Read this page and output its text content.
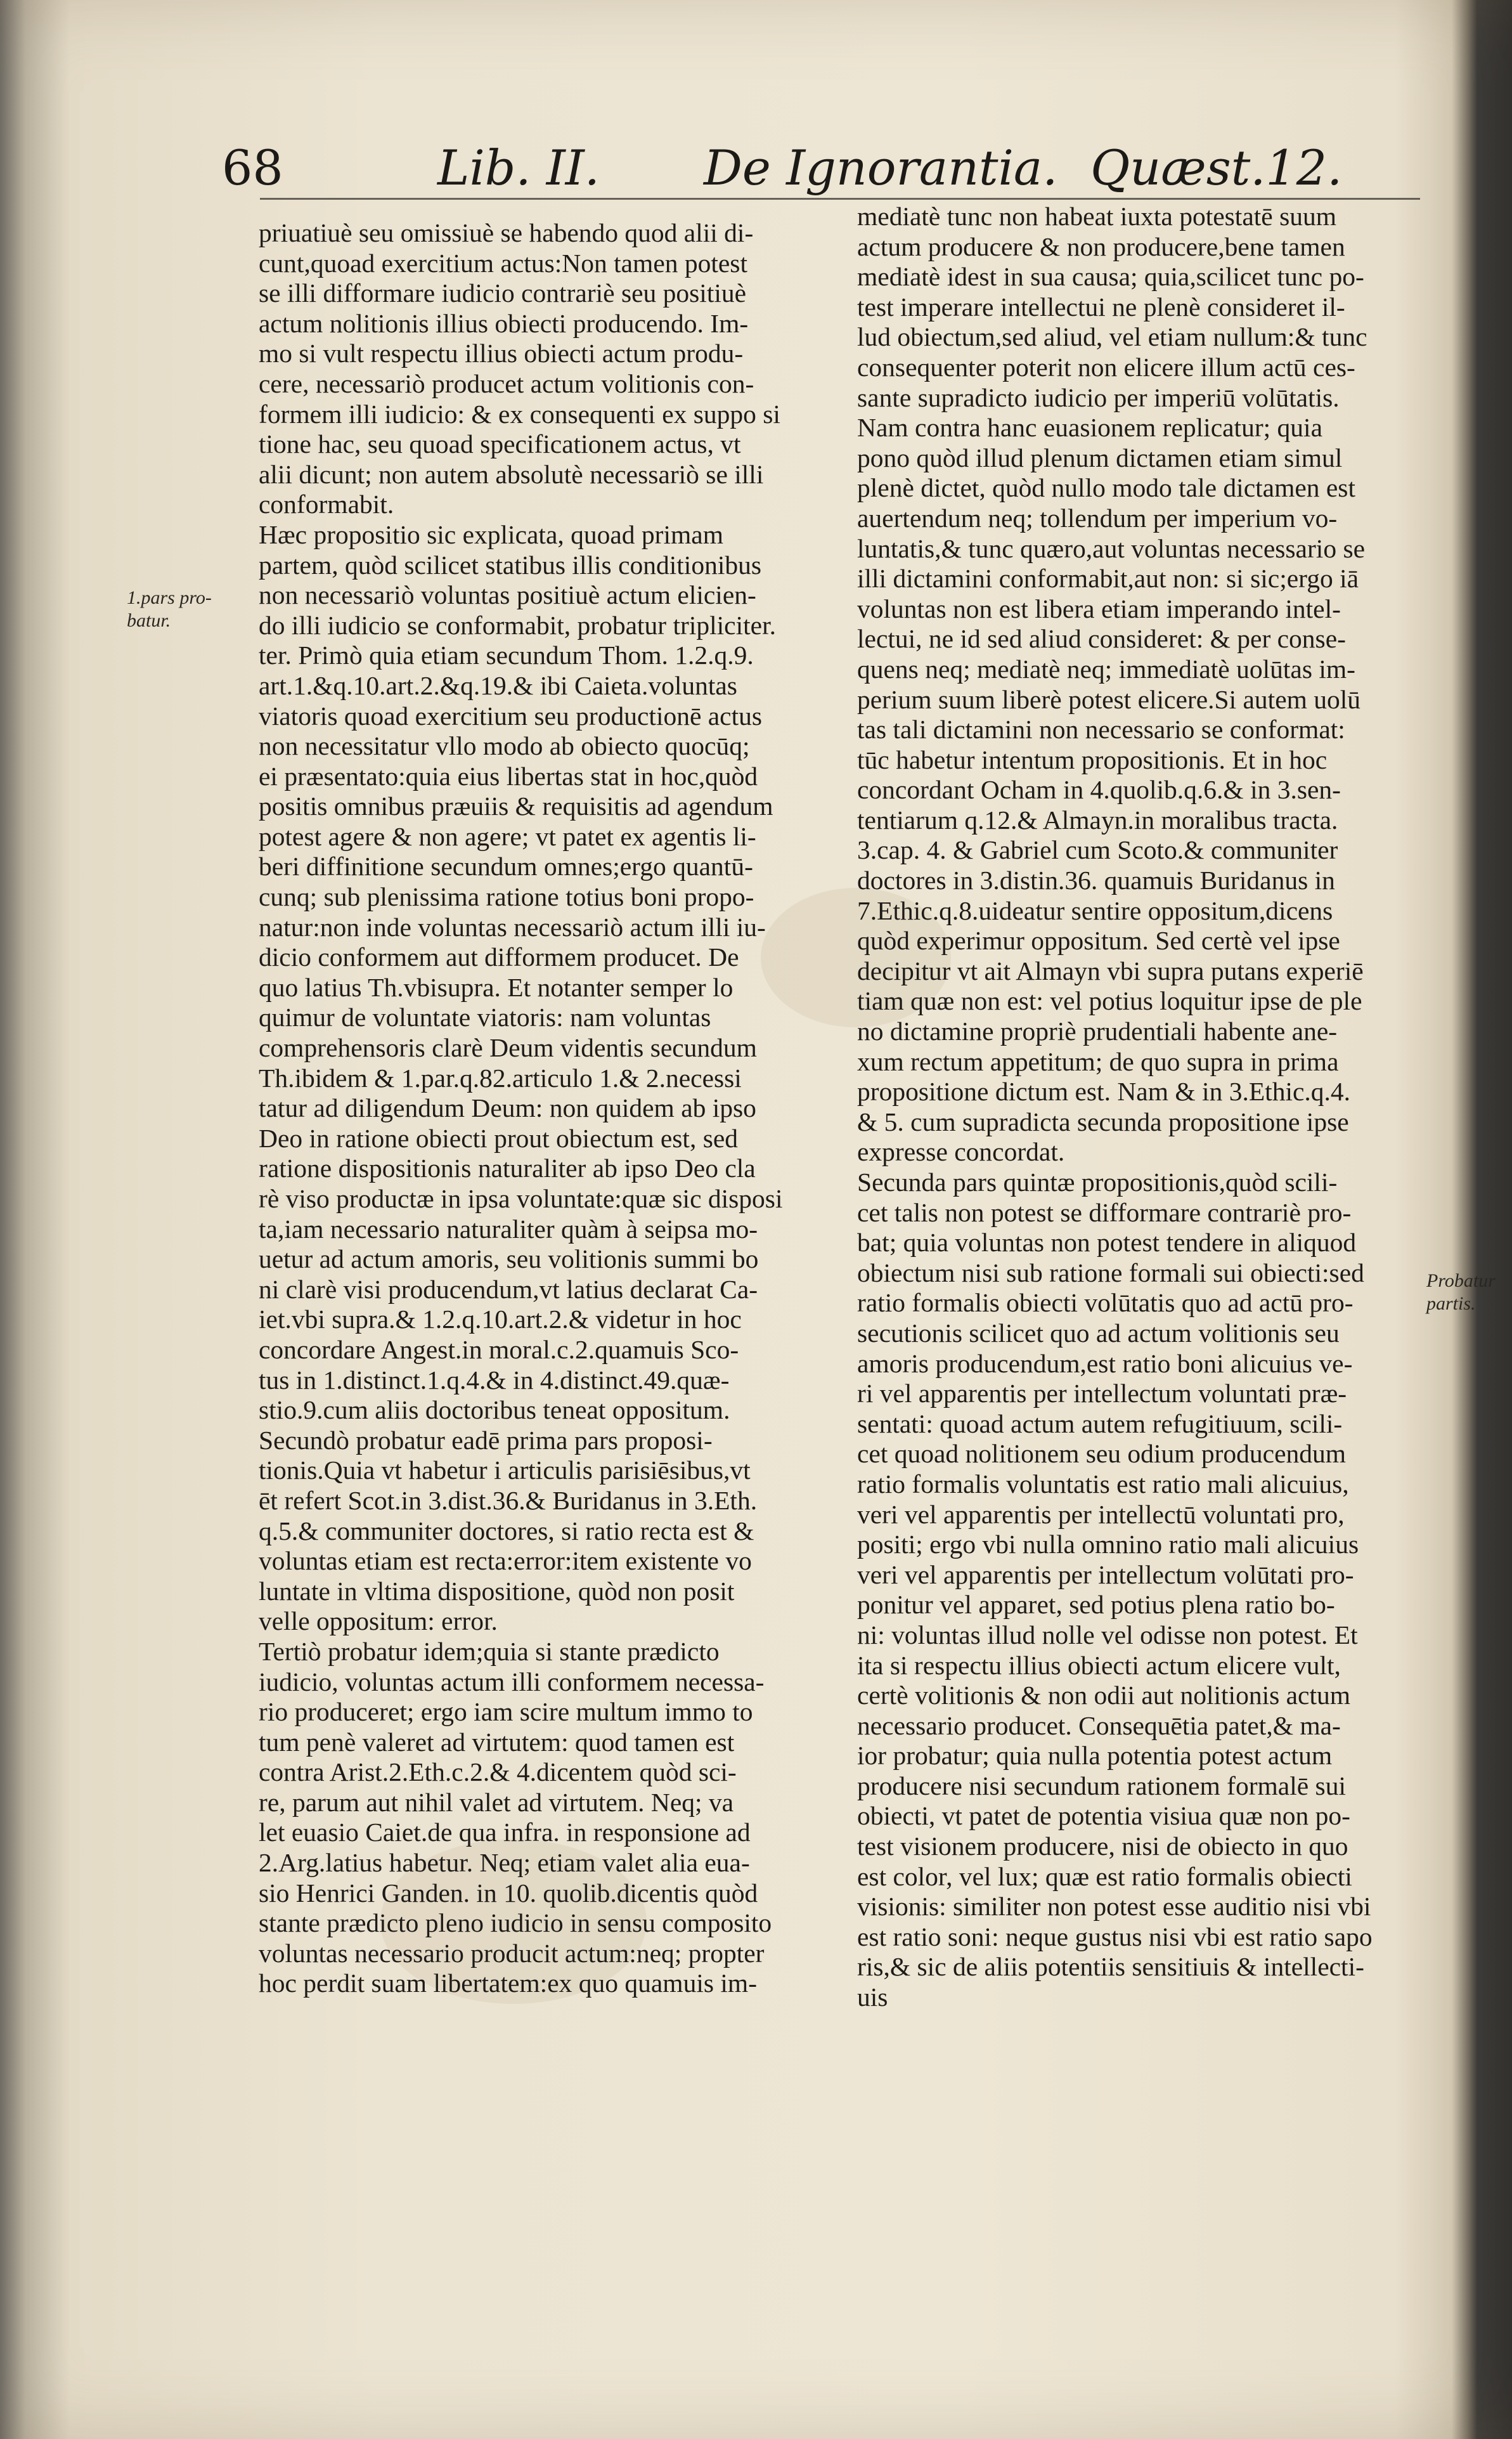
68	Lib. II. De Ignorantia. Quæst.12.
1.pars pro-
batur.
Probatur
partis.
priuatiuè seu omissiuè se habendo quod alii di-
cunt,quoad exercitium actus:Non tamen potest
se illi difformare iudicio contrariè seu positiuè
actum nolitionis illius obiecti producendo. Im-
mo si vult respectu illius obiecti actum produ-
cere, necessariò producet actum volitionis con-
formem illi iudicio: & ex consequenti ex suppo si
tione hac, seu quoad specificationem actus, vt
alii dicunt; non autem absolutè necessariò se illi
conformabit.
Hæc propositio sic explicata, quoad primam
partem, quòd scilicet statibus illis conditionibus
non necessariò voluntas positiuè actum elicien-
do illi iudicio se conformabit, probatur tripliciter.
ter. Primò quia etiam secundum Thom. 1.2.q.9.
art.1.&q.10.art.2.&q.19.& ibi Caieta.voluntas
viatoris quoad exercitium seu productionē actus
non necessitatur vllo modo ab obiecto quocūq;
ei præsentato:quia eius libertas stat in hoc,quòd
positis omnibus præuiis & requisitis ad agendum
potest agere & non agere; vt patet ex agentis li-
beri diffinitione secundum omnes;ergo quantū-
cunq; sub plenissima ratione totius boni propo-
natur:non inde voluntas necessariò actum illi iu-
dicio conformem aut difformem producet. De
quo latius Th.vbisupra. Et notanter semper lo
quimur de voluntate viatoris: nam voluntas
comprehensoris clarè Deum videntis secundum
Th.ibidem & 1.par.q.82.articulo 1.& 2.necessi
tatur ad diligendum Deum: non quidem ab ipso
Deo in ratione obiecti prout obiectum est, sed
ratione dispositionis naturaliter ab ipso Deo cla
rè viso productæ in ipsa voluntate:quæ sic disposi
ta,iam necessario naturaliter quàm à seipsa mo-
uetur ad actum amoris, seu volitionis summi bo
ni clarè visi producendum,vt latius declarat Ca-
iet.vbi supra.& 1.2.q.10.art.2.& videtur in hoc
concordare Angest.in moral.c.2.quamuis Sco-
tus in 1.distinct.1.q.4.& in 4.distinct.49.quæ-
stio.9.cum aliis doctoribus teneat oppositum.
Secundò probatur eadē prima pars proposi-
tionis.Quia vt habetur i articulis parisiēsibus,vt
ēt refert Scot.in 3.dist.36.& Buridanus in 3.Eth.
q.5.& communiter doctores, si ratio recta est &
voluntas etiam est recta:error:item existente vo
luntate in vltima dispositione, quòd non posit
velle oppositum: error.
Tertiò probatur idem;quia si stante prædicto
iudicio, voluntas actum illi conformem necessa-
rio produceret; ergo iam scire multum immo to
tum penè valeret ad virtutem: quod tamen est
contra Arist.2.Eth.c.2.& 4.dicentem quòd sci-
re, parum aut nihil valet ad virtutem. Neq; va
let euasio Caiet.de qua infra. in responsione ad
2.Arg.latius habetur. Neq; etiam valet alia eua-
sio Henrici Ganden. in 10. quolib.dicentis quòd
stante prædicto pleno iudicio in sensu composito
voluntas necessario producit actum:neq; propter
hoc perdit suam libertatem:ex quo quamuis im-
mediatè tunc non habeat iuxta potestatē suum
actum producere & non producere,bene tamen
mediatè idest in sua causa; quia,scilicet tunc po-
test imperare intellectui ne plenè consideret il-
lud obiectum,sed aliud, vel etiam nullum:& tunc
consequenter poterit non elicere illum actū ces-
sante supradicto iudicio per imperiū volūtatis.
Nam contra hanc euasionem replicatur; quia
pono quòd illud plenum dictamen etiam simul
plenè dictet, quòd nullo modo tale dictamen est
auertendum neq; tollendum per imperium vo-
luntatis,& tunc quæro,aut voluntas necessario se
illi dictamini conformabit,aut non: si sic;ergo iā
voluntas non est libera etiam imperando intel-
lectui, ne id sed aliud consideret: & per conse-
quens neq; mediatè neq; immediatè uolūtas im-
perium suum liberè potest elicere.Si autem uolū
tas tali dictamini non necessario se conformat:
tūc habetur intentum propositionis. Et in hoc
concordant Ocham in 4.quolib.q.6.& in 3.sen-
tentiarum q.12.& Almayn.in moralibus tracta.
3.cap. 4. & Gabriel cum Scoto.& communiter
doctores in 3.distin.36. quamuis Buridanus in
7.Ethic.q.8.uideatur sentire oppositum,dicens
quòd experimur oppositum. Sed certè vel ipse
decipitur vt ait Almayn vbi supra putans experiē
tiam quæ non est: vel potius loquitur ipse de ple
no dictamine propriè prudentiali habente ane-
xum rectum appetitum; de quo supra in prima
propositione dictum est. Nam & in 3.Ethic.q.4.
& 5. cum supradicta secunda propositione ipse
expresse concordat.
Secunda pars quintæ propositionis,quòd scili-
cet talis non potest se difformare contrariè pro-
bat; quia voluntas non potest tendere in aliquod
obiectum nisi sub ratione formali sui obiecti:sed
ratio formalis obiecti volūtatis quo ad actū pro-
secutionis scilicet quo ad actum volitionis seu
amoris producendum,est ratio boni alicuius ve-
ri vel apparentis per intellectum voluntati præ-
sentati: quoad actum autem refugitiuum, scili-
cet quoad nolitionem seu odium producendum
ratio formalis voluntatis est ratio mali alicuius,
veri vel apparentis per intellectū voluntati pro,
positi; ergo vbi nulla omnino ratio mali alicuius
veri vel apparentis per intellectum volūtati pro-
ponitur vel apparet, sed potius plena ratio bo-
ni: voluntas illud nolle vel odisse non potest. Et
ita si respectu illius obiecti actum elicere vult,
certè volitionis & non odii aut nolitionis actum
necessario producet. Consequētia patet,& ma-
ior probatur; quia nulla potentia potest actum
producere nisi secundum rationem formalē sui
obiecti, vt patet de potentia visiua quæ non po-
test visionem producere, nisi de obiecto in quo
est color, vel lux; quæ est ratio formalis obiecti
visionis: similiter non potest esse auditio nisi vbi
est ratio soni: neque gustus nisi vbi est ratio sapo
ris,& sic de aliis potentiis sensitiuis & intellecti-
uis
